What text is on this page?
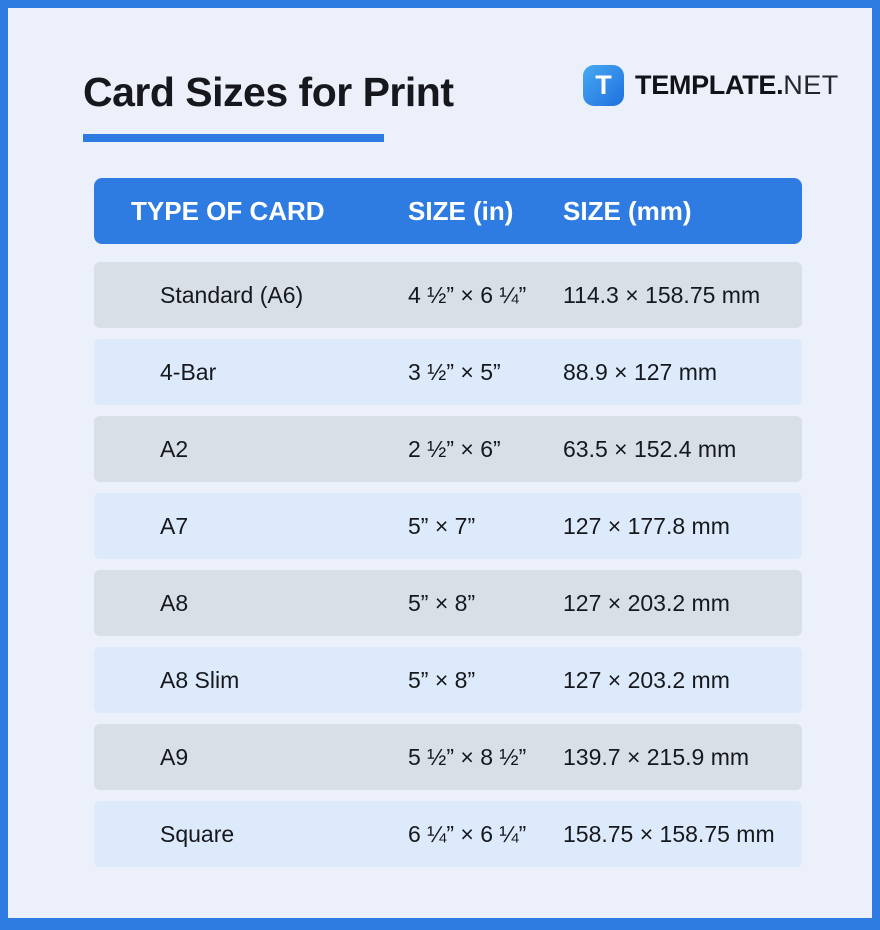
Card Sizes for Print	T TEMPLATE.NET
TYPE OF CARD	SIZE (in)	SIZE (mm)
Standard (A6)	4 ½” × 6 ¼”	114.3 × 158.75 mm
4-Bar	3 ½” × 5”	88.9 × 127 mm
A2	2 ½” × 6”	63.5 × 152.4 mm
A7	5” × 7”	127 × 177.8 mm
A8	5” × 8”	127 × 203.2 mm
A8 Slim	5” × 8”	127 × 203.2 mm
A9	5 ½” × 8 ½”	139.7 × 215.9 mm
Square	6 ¼” × 6 ¼”	158.75 × 158.75 mm
